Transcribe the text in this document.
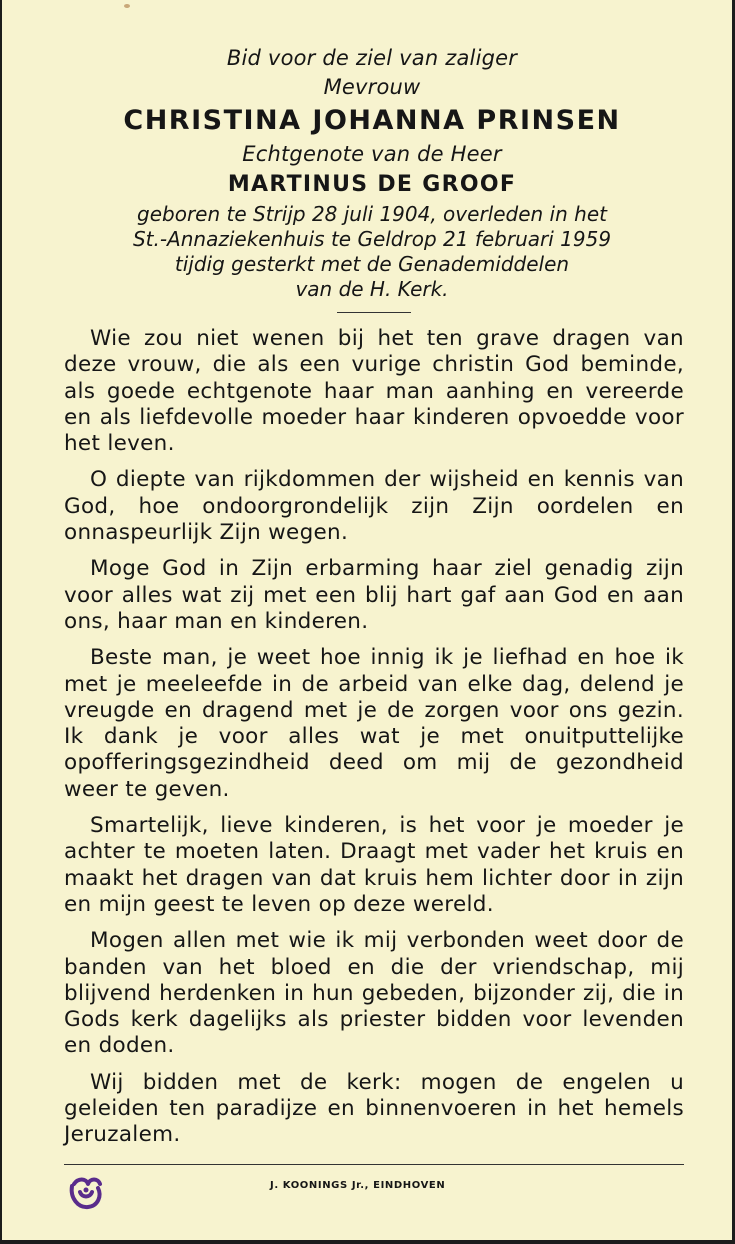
Bid voor de ziel van zaliger
Mevrouw
CHRISTINA JOHANNA PRINSEN
Echtgenote van de Heer
MARTINUS DE GROOF
geboren te Strijp 28 juli 1904, overleden in het
St.-Annaziekenhuis te Geldrop 21 februari 1959
tijdig gesterkt met de Genademiddelen
van de H. Kerk.

Wie zou niet wenen bij het ten grave dragen van deze vrouw, die als een vurige christin God beminde, als goede echtgenote haar man aanhing en vereerde en als liefdevolle moeder haar kinderen opvoedde voor het leven.

O diepte van rijkdommen der wijsheid en kennis van God, hoe ondoorgrondelijk zijn Zijn oordelen en onnaspeurlijk Zijn wegen.

Moge God in Zijn erbarming haar ziel genadig zijn voor alles wat zij met een blij hart gaf aan God en aan ons, haar man en kinderen.

Beste man, je weet hoe innig ik je liefhad en hoe ik met je meeleefde in de arbeid van elke dag, delend je vreugde en dragend met je de zorgen voor ons gezin. Ik dank je voor alles wat je met onuitputtelijke opofferingsgezindheid deed om mij de gezondheid weer te geven.

Smartelijk, lieve kinderen, is het voor je moeder je achter te moeten laten. Draagt met vader het kruis en maakt het dragen van dat kruis hem lichter door in zijn en mijn geest te leven op deze wereld.

Mogen allen met wie ik mij verbonden weet door de banden van het bloed en die der vriendschap, mij blijvend herdenken in hun gebeden, bijzonder zij, die in Gods kerk dagelijks als priester bidden voor levenden en doden.

Wij bidden met de kerk: mogen de engelen u geleiden ten paradijze en binnenvoeren in het hemels Jeruzalem.

J. KOONINGS Jr., EINDHOVEN
